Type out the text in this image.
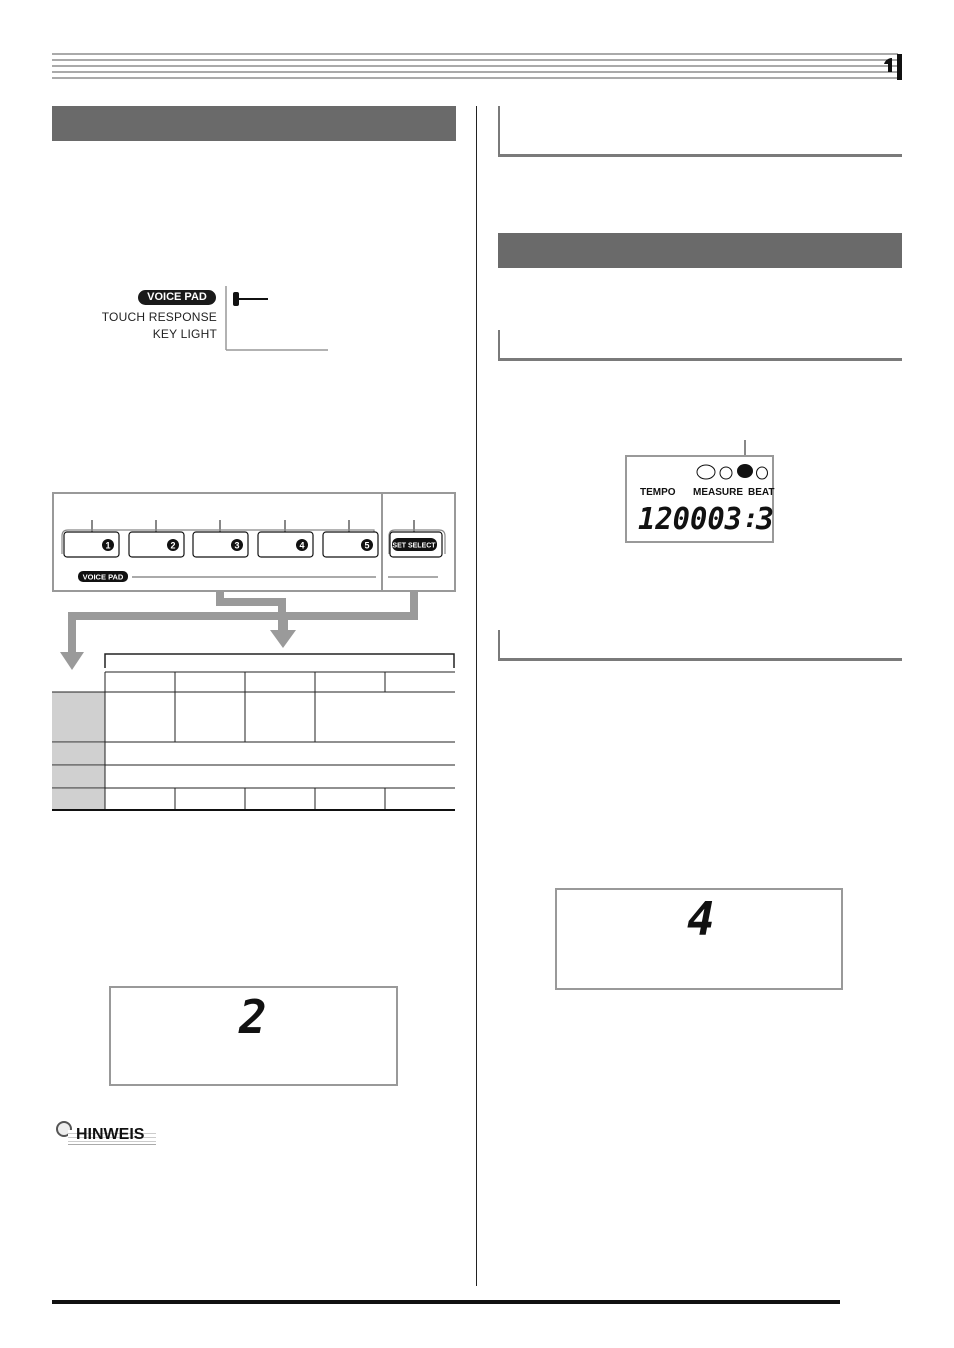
VOICE PAD
TOUCH RESPONSE
KEY LIGHT
1	2	3	4	5	SET SELECT
VOICE PAD
2
HINWEIS
TEMPO MEASURE BEAT
120 003 :
3
4
